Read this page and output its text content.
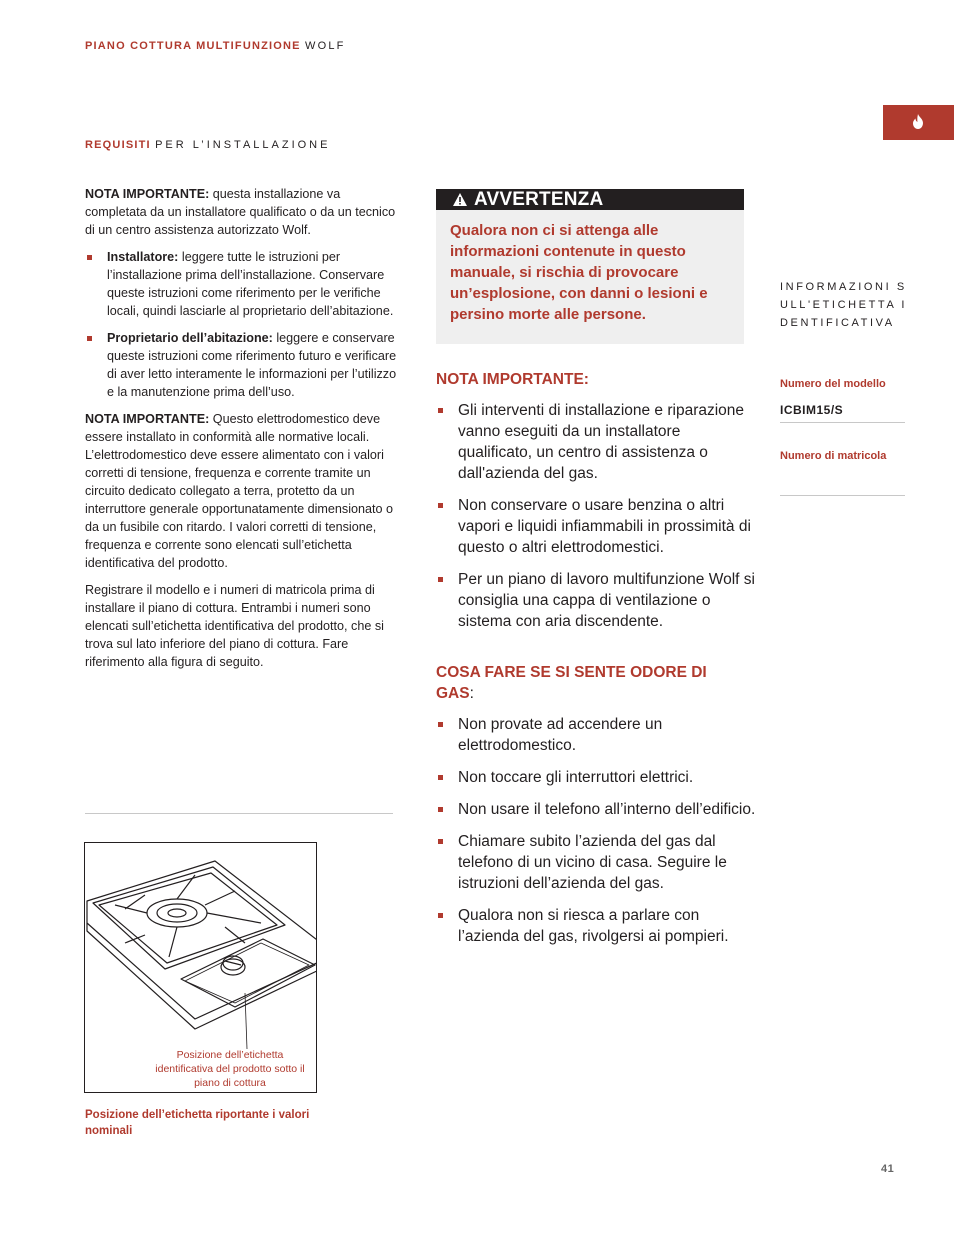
PIANO COTTURA MULTIFUNZIONE WOLF
REQUISITI PER L’INSTALLAZIONE

NOTA IMPORTANTE: questa installazione va completata da un installatore qualificato o da un tecnico di un centro assistenza autorizzato Wolf.

Installatore: leggere tutte le istruzioni per l’installazione prima dell’installazione. Conservare queste istruzioni come riferimento per le verifiche locali, quindi lasciarle al proprietario dell’abitazione.
Proprietario dell’abitazione: leggere e conservare queste istruzioni come riferimento futuro e verificare di aver letto interamente le informazioni per l’utilizzo e la manutenzione prima dell’uso.

NOTA IMPORTANTE: Questo elettrodomestico deve essere installato in conformità alle normative locali. L’elettrodomestico deve essere alimentato con i valori corretti di tensione, frequenza e corrente tramite un circuito dedicato collegato a terra, protetto da un interruttore generale opportunatamente dimensionato o da un fusibile con ritardo. I valori corretti di tensione, frequenza e corrente sono elencati sull’etichetta identificativa del prodotto.

Registrare il modello e i numeri di matricola prima di installare il piano di cottura. Entrambi i numeri sono elencati sull’etichetta identificativa del prodotto, che si trova sul lato inferiore del piano di cottura. Fare riferimento alla figura di seguito.

Posizione dell’etichetta identificativa del prodotto sotto il piano di cottura
Posizione dell’etichetta riportante i valori nominali
AVVERTENZA

Qualora non ci si attenga alle informazioni contenute in questo manuale, si rischia di provocare un’esplosione, con danni o lesioni e persino morte alle persone.

NOTA IMPORTANTE:
Gli interventi di installazione e riparazione vanno eseguiti da un installatore qualificato, un centro di assistenza o dall'azienda del gas.
Non conservare o usare benzina o altri vapori e liquidi infiammabili in prossimità di questo o altri elettrodomestici.
Per un piano di lavoro multifunzione Wolf si consiglia una cappa di ventilazione o sistema con aria discendente.
COSA FARE SE SI SENTE ODORE DI GAS:
Non provate ad accendere un elettrodomestico.
Non toccare gli interruttori elettrici.
Non usare il telefono all’interno dell’edificio.
Chiamare subito l’azienda del gas dal telefono di un vicino di casa. Seguire le istruzioni dell’azienda del gas.
Qualora non si riesca a parlare con l’azienda del gas, rivolgersi ai pompieri.
INFORMAZIONI SULL'ETICHETTA IDENTIFICATIVA
Numero del modello
ICBIM15/S
Numero di matricola
41
